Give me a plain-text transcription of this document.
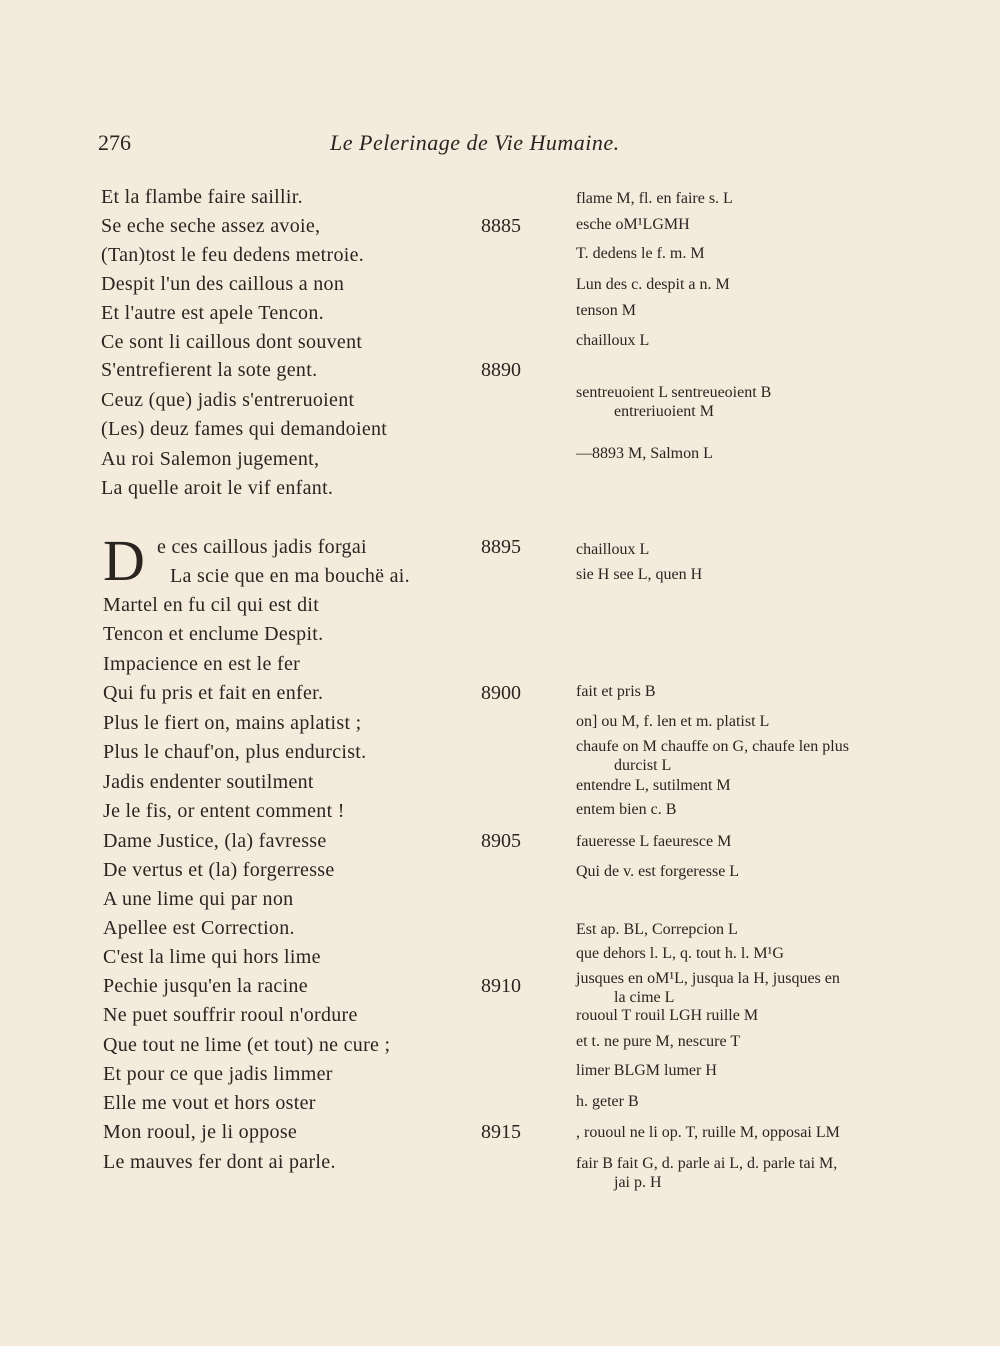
276	Le Pelerinage de Vie Humaine.
Et la flambe faire saillir.
Se eche seche assez avoie,
(Tan)tost le feu dedens metroie.
Despit l'un des caillous a non
Et l'autre est apele Tencon.
Ce sont li caillous dont souvent
S'entrefierent la sote gent.
Ceuz (que) jadis s'entreruoient
(Les) deuz fames qui demandoient
Au roi Salemon jugement,
La quelle aroit le vif enfant.
D e ces caillous jadis forgai
La scie que en ma bouchë ai.
Martel en fu cil qui est dit
Tencon et enclume Despit.
Impacience en est le fer
Qui fu pris et fait en enfer.
Plus le fiert on, mains aplatist ;
Plus le chauf'on, plus endurcist.
Jadis endenter soutilment
Je le fis, or entent comment !
Dame Justice, (la) favresse
De vertus et (la) forgerresse
A une lime qui par non
Apellee est Correction.
C'est la lime qui hors lime
Pechie jusqu'en la racine
Ne puet souffrir rooul n'ordure
Que tout ne lime (et tout) ne cure ;
Et pour ce que jadis limmer
Elle me vout et hors oster
Mon rooul, je li oppose
Le mauves fer dont ai parle.
8885
8890
8895
8900
8905
8910
8915
flame M, fl. en faire s. L
esche oM¹LGMH
T. dedens le f. m. M
Lun des c. despit a n. M
tenson M
chailloux L
sentreuoient L sentreueoient B
entreriuoient M
—8893 M, Salmon L
chailloux L
sie H see L, quen H
fait et pris B
on] ou M, f. len et m. platist L
chaufe on M chauffe on G, chaufe len plus
durcist L
entendre L, sutilment M
entem bien c. B
faueresse L faeuresce M
Qui de v. est forgeresse L
Est ap. BL, Correpcion L
que dehors l. L, q. tout h. l. M¹G
jusques en oM¹L, jusqua la H, jusques en
la cime L
rououl T rouil LGH ruille M
et t. ne pure M, nescure T
limer BLGM lumer H
h. geter B
, rououl ne li op. T, ruille M, opposai LM
fair B fait G, d. parle ai L, d. parle tai M,
jai p. H
